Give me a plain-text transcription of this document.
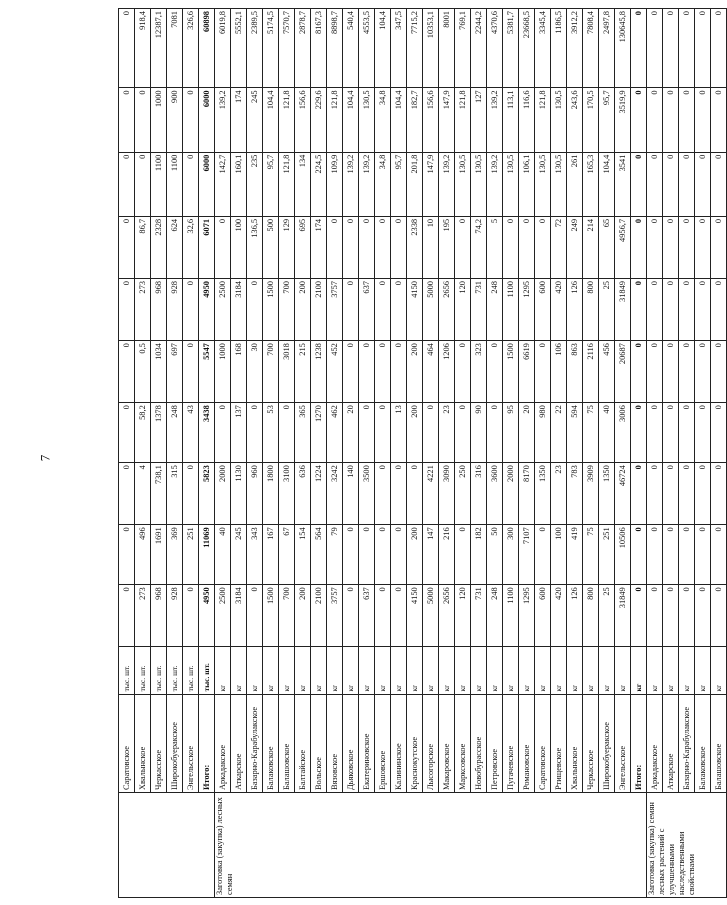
7
	Саратовское	тыс. шт.	0	0	0	0	0	0	0	0	0	0
	Хвалынское	тыс. шт.	273	496	4	58,2	0,5	273	86,7	0	0	918,4
	Черкасское	тыс. шт.	968	1691	738,1	1378	1034	968	2328	1100	1000	12387,1
	Широкобуеракское	тыс. шт.	928	369	315	248	697	928	624	1100	900	7081
	Энгельсское	тыс. шт.	0	251	0	43	0	0	32,6	0	0	326,6
	Итого:	тыс. шт.	4950	11069	5823	3438	5547	4950	6071	6000	6000	60898
Заготовка (закупка) лесных семян	Аркадакское	кг	2500	40	2000	0	1000	2500	0	142,7	139,2	6019,8
	Аткарское	кг	3184	245	1130	137	168	3184	100	160,1	174	5552,1
	Базарно-Карабулакское	кг	0	343	960	0	30	0	136,5	235	245	2389,5
	Балаковское	кг	1500	167	1800	53	700	1500	500	95,7	104,4	5174,5
	Балашовское	кг	700	67	3100	0	3018	700	129	121,8	121,8	7570,7
	Балтайское	кг	200	154	636	365	215	200	695	134	156,6	2878,7
	Вольское	кг	2100	564	1224	1270	1238	2100	174	224,5	229,6	8167,3
	Вязовское	кг	3757	79	3242	462	452	3757	0	109,9	121,8	8898,7
	Дьяковское	кг	0	0	140	20	0	0	0	139,2	104,4	540,4
	Екатериновское	кг	637	0	3500	0	0	637	0	139,2	130,5	4553,5
	Ершовское	кг	0	0	0	0	0	0	0	34,8	34,8	104,4
	Калининское	кг	0	0	0	13	0	0	0	95,7	104,4	347,5
	Краснокутское	кг	4150	200	0	200	200	4150	2338	201,8	182,7	7715,2
	Лысогорское	кг	5000	147	4221	0	464	5000	10	147,9	156,6	10353,1
	Макаровское	кг	2656	216	3090	23	1206	2656	195	139,2	147,9	8001
	Марксовское	кг	120	0	250	0	0	120	0	130,5	121,8	769,1
	Новобурасское	кг	731	182	316	90	323	731	74,2	130,5	127	2244,2
	Петровское	кг	248	50	3600	0	0	248	5	139,2	139,2	4370,6
	Пугачевское	кг	1100	300	2000	95	1500	1100	0	130,5	113,1	5381,7
	Романовское	кг	1295	7107	8170	20	6619	1295	0	106,1	116,6	23668,5
	Саратовское	кг	600	0	1350	980	0	600	0	130,5	121,8	3345,4
	Ртищевское	кг	420	100	23	22	106	420	72	130,5	130,5	1186,5
	Хвалынское	кг	126	419	783	594	863	126	249	261	243,6	3912,2
	Черкасское	кг	800	75	3909	75	2116	800	214	165,3	170,5	7808,4
	Широкобуеракское	кг	25	251	1350	40	456	25	65	104,4	95,7	2497,8
	Энгельсское	кг	31849	10506	46724	3006	20687	31849	4956,7	3541	3519,9	130645,8
	Итого:	кг	0	0	0	0	0	0	0	0	0	0
Заготовка (закупка) семян лесных растений с улучшенными наследственными свойствами	Аркадакское	кг	0	0	0	0	0	0	0	0	0	0
	Аткарское	кг	0	0	0	0	0	0	0	0	0	0
	Базарно-Карабулакское	кг	0	0	0	0	0	0	0	0	0	0
	Балаковское	кг	0	0	0	0	0	0	0	0	0	0
	Балашовское	кг	0	0	0	0	0	0	0	0	0	0
